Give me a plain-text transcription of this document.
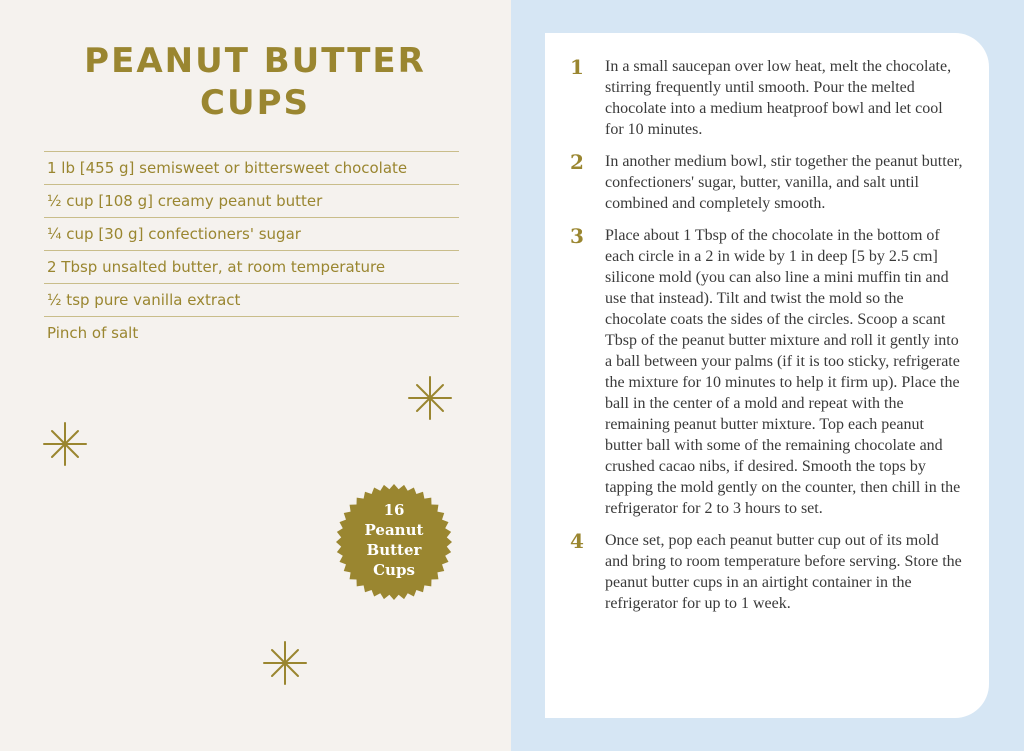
PEANUT BUTTER CUPS
1 lb [455 g] semisweet or bittersweet chocolate
½ cup [108 g] creamy peanut butter
¼ cup [30 g] confectioners' sugar
2 Tbsp unsalted butter, at room temperature
½ tsp pure vanilla extract
Pinch of salt
16
Peanut
Butter
Cups
1	In a small saucepan over low heat, melt the chocolate, stirring frequently until smooth. Pour the melted chocolate into a medium heatproof bowl and let cool for 10 minutes.
2	In another medium bowl, stir together the peanut butter, confectioners' sugar, butter, vanilla, and salt until combined and completely smooth.
3	Place about 1 Tbsp of the chocolate in the bottom of each circle in a 2 in wide by 1 in deep [5 by 2.5 cm] silicone mold (you can also line a mini muffin tin and use that instead). Tilt and twist the mold so the chocolate coats the sides of the circles. Scoop a scant Tbsp of the peanut butter mixture and roll it gently into a ball between your palms (if it is too sticky, refrigerate the mixture for 10 minutes to help it firm up). Place the ball in the center of a mold and repeat with the remaining peanut butter mixture. Top each peanut butter ball with some of the remaining chocolate and crushed cacao nibs, if desired. Smooth the tops by tapping the mold gently on the counter, then chill in the refrigerator for 2 to 3 hours to set.
4	Once set, pop each peanut butter cup out of its mold and bring to room temperature before serving. Store the peanut butter cups in an airtight container in the refrigerator for up to 1 week.
